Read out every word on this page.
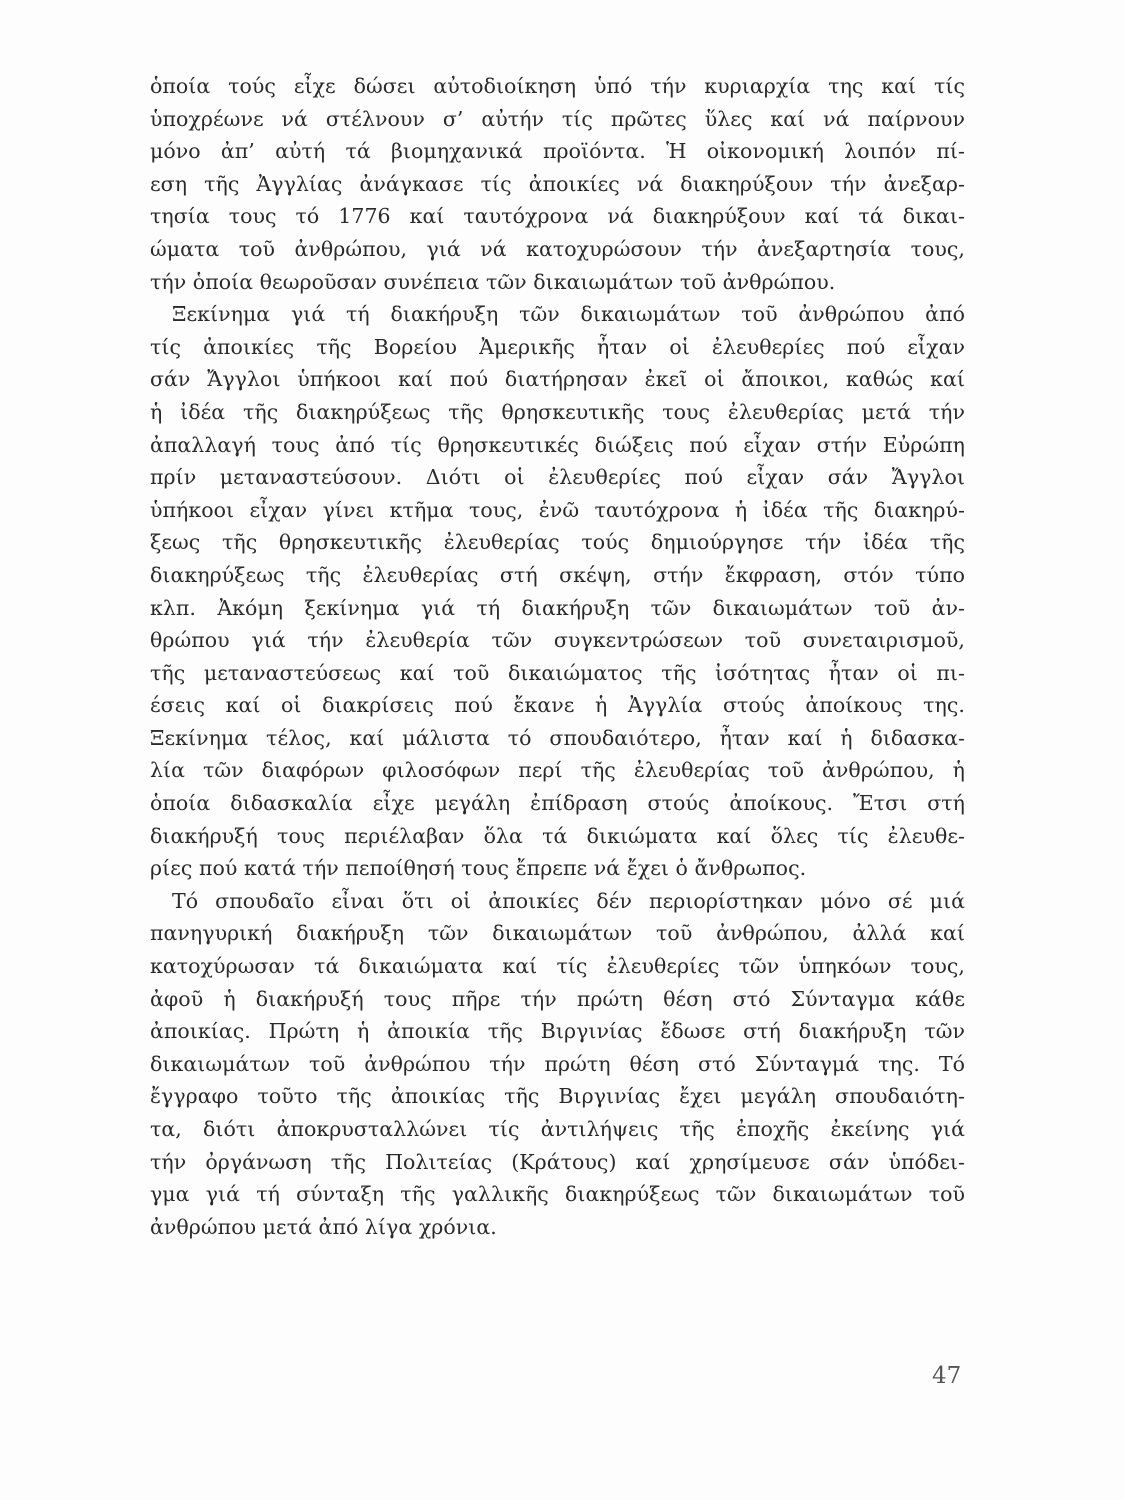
ὁποία τούς εἶχε δώσει αὐτοδιοίκηση ὑπό τήν κυριαρχία της καί τίς
ὑποχρέωνε νά στέλνουν σ’ αὐτήν τίς πρῶτες ὕλες καί νά παίρνουν
μόνο ἀπ’ αὐτή τά βιομηχανικά προϊόντα. Ἡ οἰκονομική λοιπόν πί-
εση τῆς Ἀγγλίας ἀνάγκασε τίς ἀποικίες νά διακηρύξουν τήν ἀνεξαρ-
τησία τους τό 1776 καί ταυτόχρονα νά διακηρύξουν καί τά δικαι-
ώματα τοῦ ἀνθρώπου, γιά νά κατοχυρώσουν τήν ἀνεξαρτησία τους,
τήν ὁποία θεωροῦσαν συνέπεια τῶν δικαιωμάτων τοῦ ἀνθρώπου.
Ξεκίνημα γιά τή διακήρυξη τῶν δικαιωμάτων τοῦ ἀνθρώπου ἀπό
τίς ἀποικίες τῆς Βορείου Ἀμερικῆς ἦταν οἱ ἐλευθερίες πού εἶχαν
σάν Ἄγγλοι ὑπήκοοι καί πού διατήρησαν ἐκεῖ οἱ ἄποικοι, καθώς καί
ἡ ἰδέα τῆς διακηρύξεως τῆς θρησκευτικῆς τους ἐλευθερίας μετά τήν
ἀπαλλαγή τους ἀπό τίς θρησκευτικές διώξεις πού εἶχαν στήν Εὐρώπη
πρίν μεταναστεύσουν. Διότι οἱ ἐλευθερίες πού εἶχαν σάν Ἄγγλοι
ὑπήκοοι εἶχαν γίνει κτῆμα τους, ἐνῶ ταυτόχρονα ἡ ἰδέα τῆς διακηρύ-
ξεως τῆς θρησκευτικῆς ἐλευθερίας τούς δημιούργησε τήν ἰδέα τῆς
διακηρύξεως τῆς ἐλευθερίας στή σκέψη, στήν ἔκφραση, στόν τύπο
κλπ. Ἀκόμη ξεκίνημα γιά τή διακήρυξη τῶν δικαιωμάτων τοῦ ἀν-
θρώπου γιά τήν ἐλευθερία τῶν συγκεντρώσεων τοῦ συνεταιρισμοῦ,
τῆς μεταναστεύσεως καί τοῦ δικαιώματος τῆς ἰσότητας ἦταν οἱ πι-
έσεις καί οἱ διακρίσεις πού ἔκανε ἡ Ἀγγλία στούς ἀποίκους της.
Ξεκίνημα τέλος, καί μάλιστα τό σπουδαιότερο, ἦταν καί ἡ διδασκα-
λία τῶν διαφόρων φιλοσόφων περί τῆς ἐλευθερίας τοῦ ἀνθρώπου, ἡ
ὁποία διδασκαλία εἶχε μεγάλη ἐπίδραση στούς ἀποίκους. Ἔτσι στή
διακήρυξή τους περιέλαβαν ὅλα τά δικιώματα καί ὅλες τίς ἐλευθε-
ρίες πού κατά τήν πεποίθησή τους ἔπρεπε νά ἔχει ὁ ἄνθρωπος.
Τό σπουδαῖο εἶναι ὅτι οἱ ἀποικίες δέν περιορίστηκαν μόνο σέ μιά
πανηγυρική διακήρυξη τῶν δικαιωμάτων τοῦ ἀνθρώπου, ἀλλά καί
κατοχύρωσαν τά δικαιώματα καί τίς ἐλευθερίες τῶν ὑπηκόων τους,
ἀφοῦ ἡ διακήρυξή τους πῆρε τήν πρώτη θέση στό Σύνταγμα κάθε
ἀποικίας. Πρώτη ἡ ἀποικία τῆς Βιργινίας ἔδωσε στή διακήρυξη τῶν
δικαιωμάτων τοῦ ἀνθρώπου τήν πρώτη θέση στό Σύνταγμά της. Τό
ἔγγραφο τοῦτο τῆς ἀποικίας τῆς Βιργινίας ἔχει μεγάλη σπουδαιότη-
τα, διότι ἀποκρυσταλλώνει τίς ἀντιλήψεις τῆς ἐποχῆς ἐκείνης γιά
τήν ὀργάνωση τῆς Πολιτείας (Κράτους) καί χρησίμευσε σάν ὑπόδει-
γμα γιά τή σύνταξη τῆς γαλλικῆς διακηρύξεως τῶν δικαιωμάτων τοῦ
ἀνθρώπου μετά ἀπό λίγα χρόνια.
47
